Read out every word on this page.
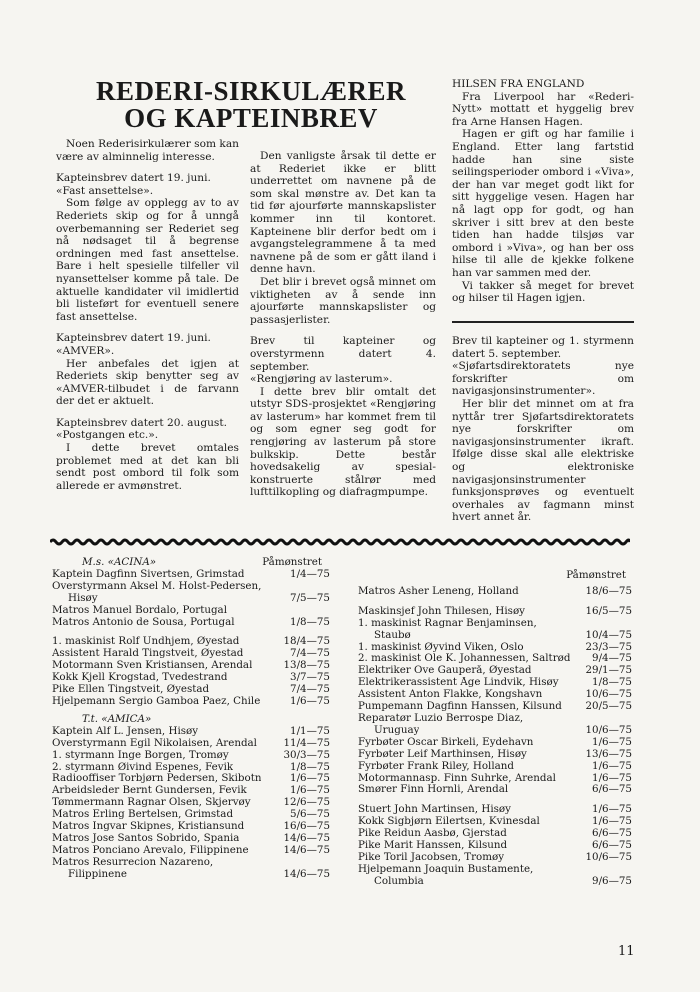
REDERI-SIRKULÆRER
OG KAPTEINBREV

Noen Rederisirkulærer som kan være av alminnelig interesse.

Kapteinsbrev datert 19. juni.

«Fast ansettelse».

Som følge av opplegg av to av Rederiets skip og for å unngå overbemanning ser Rederiet seg nå nødsaget til å begrense ordningen med fast ansettelse. Bare i helt spesielle tilfeller vil nyansettelser komme på tale. De aktuelle kandidater vil imidlertid bli listeført for eventuell senere fast ansettelse.

Kapteinsbrev datert 19. juni.

«AMVER».

Her anbefales det igjen at Rederiets skip benytter seg av «AMVER-tilbudet i de farvann der det er aktuelt.

Kapteinsbrev datert 20. august.

«Postgangen etc.».

I dette brevet omtales problemet med at det kan bli sendt post ombord til folk som allerede er avmønstret.

Den vanligste årsak til dette er at Rederiet ikke er blitt underrettet om navnene på de som skal mønstre av. Det kan ta tid før ajourførte mannskapslister kommer inn til kontoret. Kapteinene blir derfor bedt om i avgangstelegrammene å ta med navnene på de som er gått iland i denne havn.

Det blir i brevet også minnet om viktigheten av å sende inn ajourførte mannskapslister og passasjerlister.

Brev til kapteiner og overstyrmenn datert 4. september.

«Rengjøring av lasterum».

I dette brev blir omtalt det utstyr SDS-prosjektet «Rengjøring av lasterum» har kommet frem til og som egner seg godt for rengjøring av lasterum på store bulkskip. Dette består hovedsakelig av spesial-konstruerte stålrør med lufttilkopling og diafragmpumpe.

HILSEN FRA ENGLAND

Fra Liverpool har «Rederi-Nytt» mottatt et hyggelig brev fra Arne Hansen Hagen.

Hagen er gift og har familie i England. Etter lang fartstid hadde han sine siste seilingsperioder ombord i «Viva», der han var meget godt likt for sitt hyggelige vesen. Hagen har nå lagt opp for godt, og han skriver i sitt brev at den beste tiden han hadde tilsjøs var ombord i »Viva», og han ber oss hilse til alle de kjekke folkene han var sammen med der.

Vi takker så meget for brevet og hilser til Hagen igjen.

Brev til kapteiner og 1. styrmenn datert 5. september.

«Sjøfartsdirektoratets nye forskrifter om navigasjonsinstrumenter».

Her blir det minnet om at fra nyttår trer Sjøfartsdirektoratets nye forskrifter om navigasjonsinstrumenter ikraft. Ifølge disse skal alle elektriske og elektroniske navigasjonsinstrumenter funksjonsprøves og eventuelt overhales av fagmann minst hvert annet år.

M.s. «ACINA»	Påmønstret
Kaptein Dagfinn Sivertsen, Grimstad	1/4—75
Overstyrmann Aksel M. Holst-Pedersen,
Hisøy	7/5—75
Matros Manuel Bordalo, Portugal
Matros Antonio de Sousa, Portugal	1/8—75
1. maskinist Rolf Undhjem, Øyestad	18/4—75
Assistent Harald Tingstveit, Øyestad	7/4—75
Motormann Sven Kristiansen, Arendal	13/8—75
Kokk Kjell Krogstad, Tvedestrand	3/7—75
Pike Ellen Tingstveit, Øyestad	7/4—75
Hjelpemann Sergio Gamboa Paez, Chile	1/6—75
T.t. «AMICA»
Kaptein Alf L. Jensen, Hisøy	1/1—75
Overstyrmann Egil Nikolaisen, Arendal	11/4—75
1. styrmann Inge Borgen, Tromøy	30/3—75
2. styrmann Øivind Espenes, Fevik	1/8—75
Radiooffiser Torbjørn Pedersen, Skibotn	1/6—75
Arbeidsleder Bernt Gundersen, Fevik	1/6—75
Tømmermann Ragnar Olsen, Skjervøy	12/6—75
Matros Erling Bertelsen, Grimstad	5/6—75
Matros Ingvar Skipnes, Kristiansund	16/6—75
Matros Jose Santos Sobrido, Spania	14/6—75
Matros Ponciano Arevalo, Filippinene	14/6—75
Matros Resurrecion Nazareno,
Filippinene	14/6—75
Påmønstret
Matros Asher Leneng, Holland	18/6—75
Maskinsjef John Thilesen, Hisøy	16/5—75
1. maskinist Ragnar Benjaminsen,
Staubø	10/4—75
1. maskinist Øyvind Viken, Oslo	23/3—75
2. maskinist Ole K. Johannessen, Saltrød 9/4—75
Elektriker Ove Gauperå, Øyestad	29/1—75
Elektrikerassistent Åge Lindvik, Hisøy	1/8—75
Assistent Anton Flakke, Kongshavn	10/6—75
Pumpemann Dagfinn Hanssen, Kilsund 20/5—75
Reparatør Luzio Berrospe Diaz,
Uruguay	10/6—75
Fyrbøter Oscar Birkeli, Eydehavn	1/6—75
Fyrbøter Leif Marthinsen, Hisøy	13/6—75
Fyrbøter Frank Riley, Holland	1/6—75
Motormannasp. Finn Suhrke, Arendal	1/6—75
Smører Finn Hornli, Arendal	6/6—75
Stuert John Martinsen, Hisøy	1/6—75
Kokk Sigbjørn Eilertsen, Kvinesdal	1/6—75
Pike Reidun Aasbø, Gjerstad	6/6—75
Pike Marit Hanssen, Kilsund	6/6—75
Pike Toril Jacobsen, Tromøy	10/6—75
Hjelpemann Joaquin Bustamente,
Columbia	9/6—75
11
